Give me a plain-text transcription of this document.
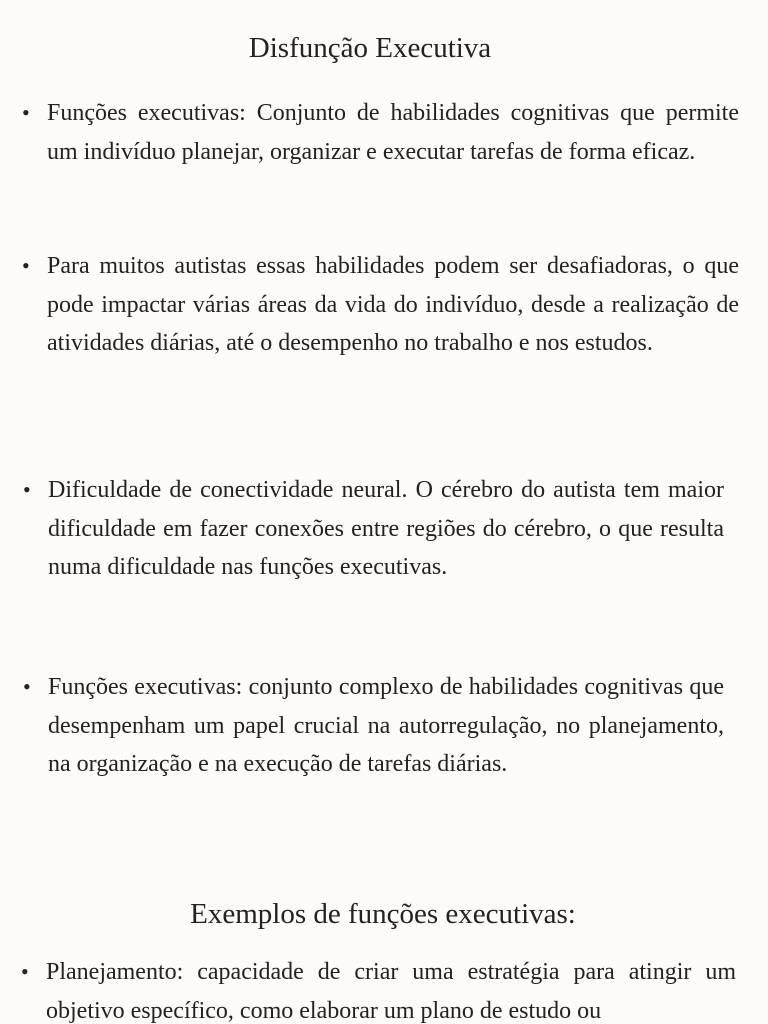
Disfunção Executiva
• Funções executivas: Conjunto de habilidades cognitivas que permite um indivíduo planejar, organizar e executar tarefas de forma eficaz.
• Para muitos autistas essas habilidades podem ser desafiadoras, o que pode impactar várias áreas da vida do indivíduo, desde a realização de atividades diárias, até o desempenho no trabalho e nos estudos.
• Dificuldade de conectividade neural. O cérebro do autista tem maior dificuldade em fazer conexões entre regiões do cérebro, o que resulta numa dificuldade nas funções executivas.
• Funções executivas: conjunto complexo de habilidades cognitivas que desempenham um papel crucial na autorregulação, no planejamento, na organização e na execução de tarefas diárias.
Exemplos de funções executivas:
• Planejamento: capacidade de criar uma estratégia para atingir um objetivo específico, como elaborar um plano de estudo ou
